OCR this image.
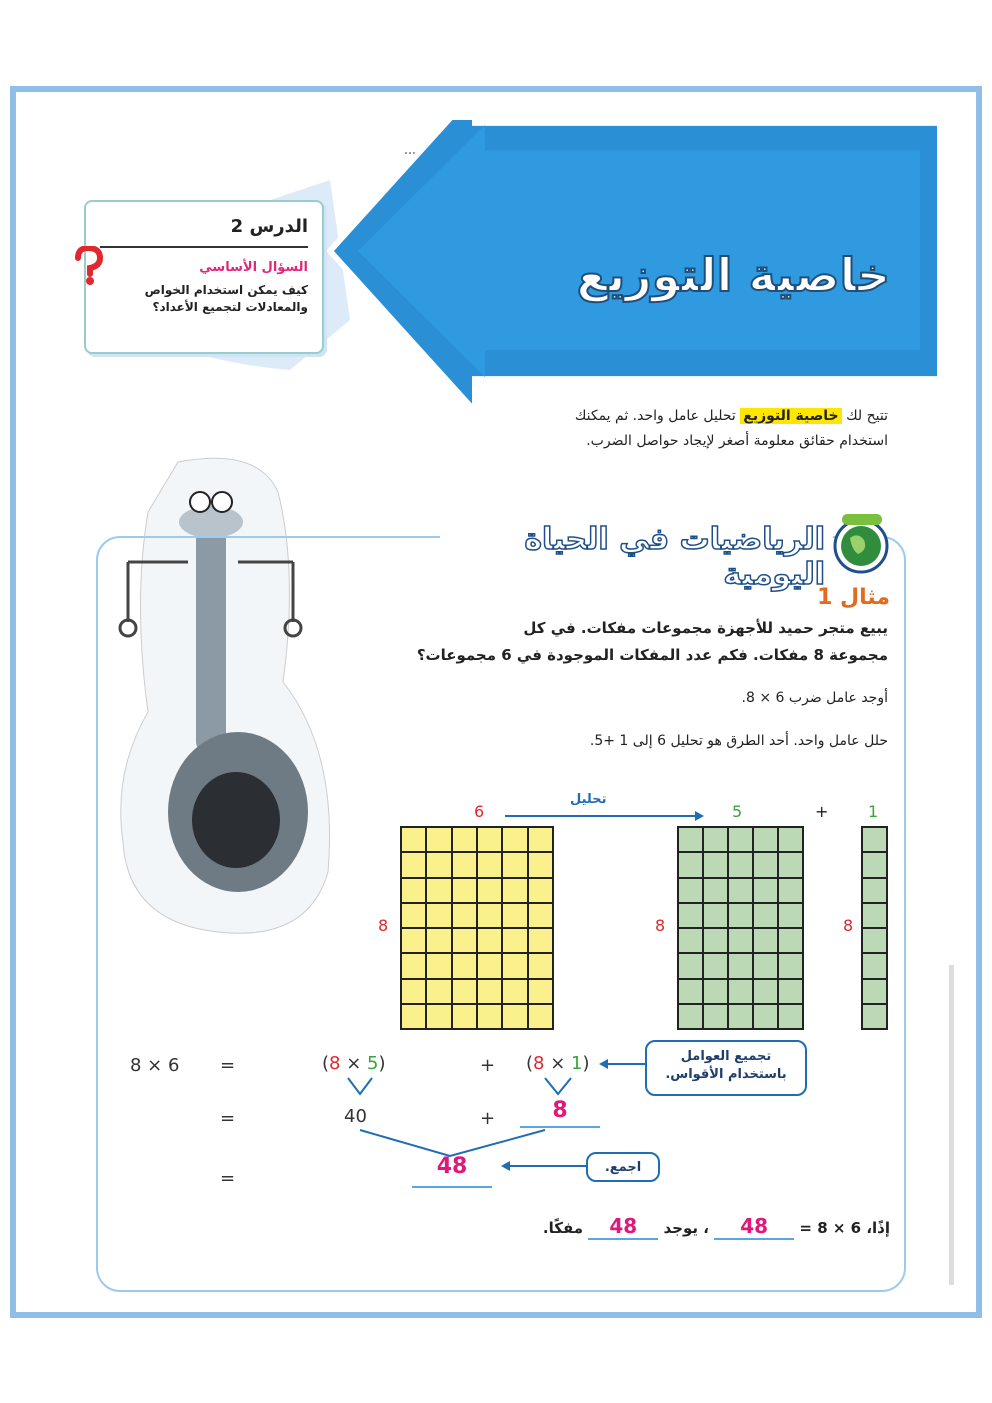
خاصية التوزيع
الدرس 2
السؤال الأساسي
كيف يمكن استخدام الخواص
والمعادلات لتجميع الأعداد؟
تتيح لك خاصية التوزيع تحليل عامل واحد. ثم يمكنك
استخدام حقائق معلومة أصغر لإيجاد حواصل الضرب.
الرياضيات في الحياة اليومية
مثال 1
يبيع متجر حميد للأجهزة مجموعات مفكات. في كل
مجموعة 8 مفكات. فكم عدد المفكات الموجودة في 6 مجموعات؟
أوجد عامل ضرب 6 × 8.
حلل عامل واحد. أحد الطرق هو تحليل 6 إلى 1 +5.
6	5	+ 1
تحليل
8	8	8
8 × 6 =	(8 × 5)	+ (8 × 1)	تجميع العوامل باستخدام الأقواس.
=	40	+	8
=	48	اجمع.
إذًا، 6 × 8 = 48 ، يوجد 48 مفكًا.
